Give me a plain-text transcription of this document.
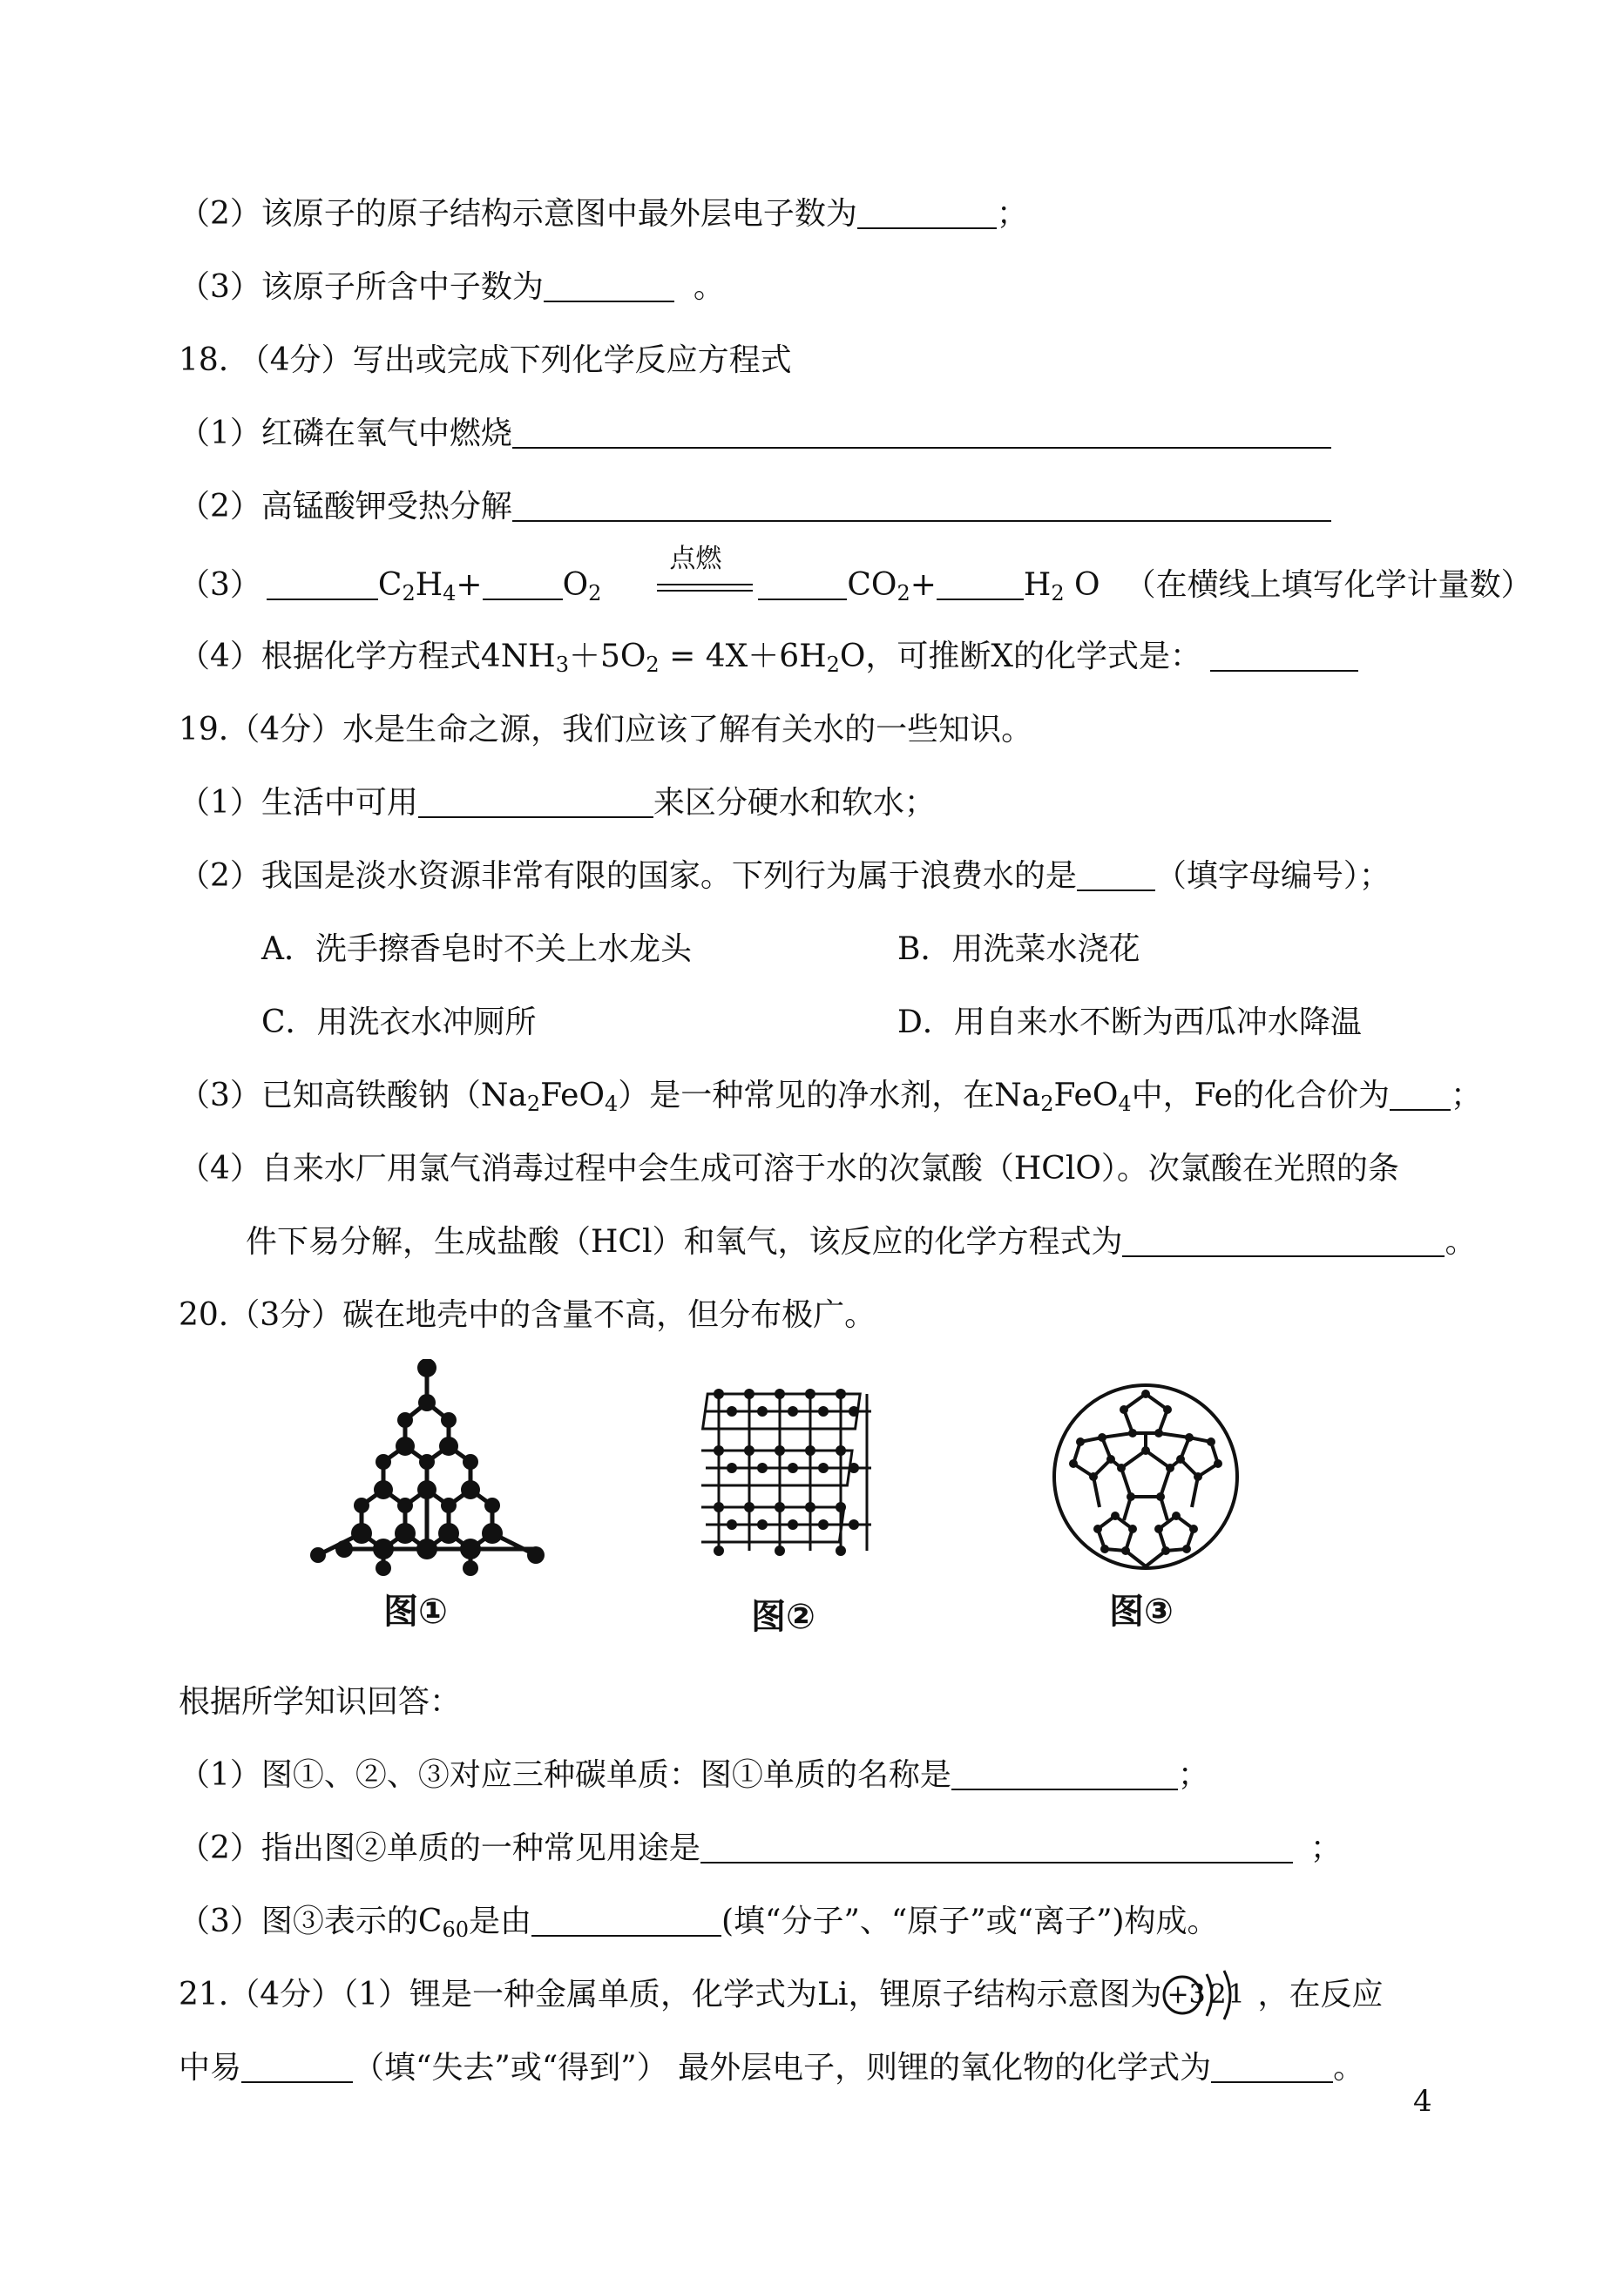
（2）该原子的原子结构示意图中最外层电子数为	；
（3）该原子所含中子数为	。
18. （4分）写出或完成下列化学反应方程式
（1）红磷在氧气中燃烧
（2）高锰酸钾受热分解
（3）	$C_2H_4+$	$O_2$
点燃
$CO_2+$	$H_2$ O （在横线上填写化学计量数）
（4）根据化学方程式$4NH_3+5O_2 = 4X+6H_2O$，可推断X的化学式是：
19.（4分）水是生命之源，我们应该了解有关水的一些知识。
（1）生活中可用	来区分硬水和软水；
（2）我国是淡水资源非常有限的国家。下列行为属于浪费水的是	（填字母编号）；
A．洗手擦香皂时不关上水龙头	B．用洗菜水浇花
C．用洗衣水冲厕所	D．用自来水不断为西瓜冲水降温
（3）已知高铁酸钠$(Na_2FeO_4)$是一种常见的净水剂，在$Na_2FeO_4$中，Fe的化合价为 ；
（4）自来水厂用氯气消毒过程中会生成可溶于水的次氯酸（HClO）。次氯酸在光照的条
件下易分解，生成盐酸（HCl）和氧气，该反应的化学方程式为	。
20.（3分）碳在地壳中的含量不高，但分布极广。
图①	图②	图③
根据所学知识回答：
（1）图①、②、③对应三种碳单质：图①单质的名称是	；
（2）指出图②单质的一种常见用途是	；
（3）图③表示的$C_{60}$是由	(填“分子”、“原子”或“离子”)构成。
21.（4分）（1）锂是一种金属单质，化学式为Li，锂原子结构示意图为 +3 2 1 ，在反应
中易	（填“失去”或“得到”） 最外层电子，则锂的氧化物的化学式为	。
4
